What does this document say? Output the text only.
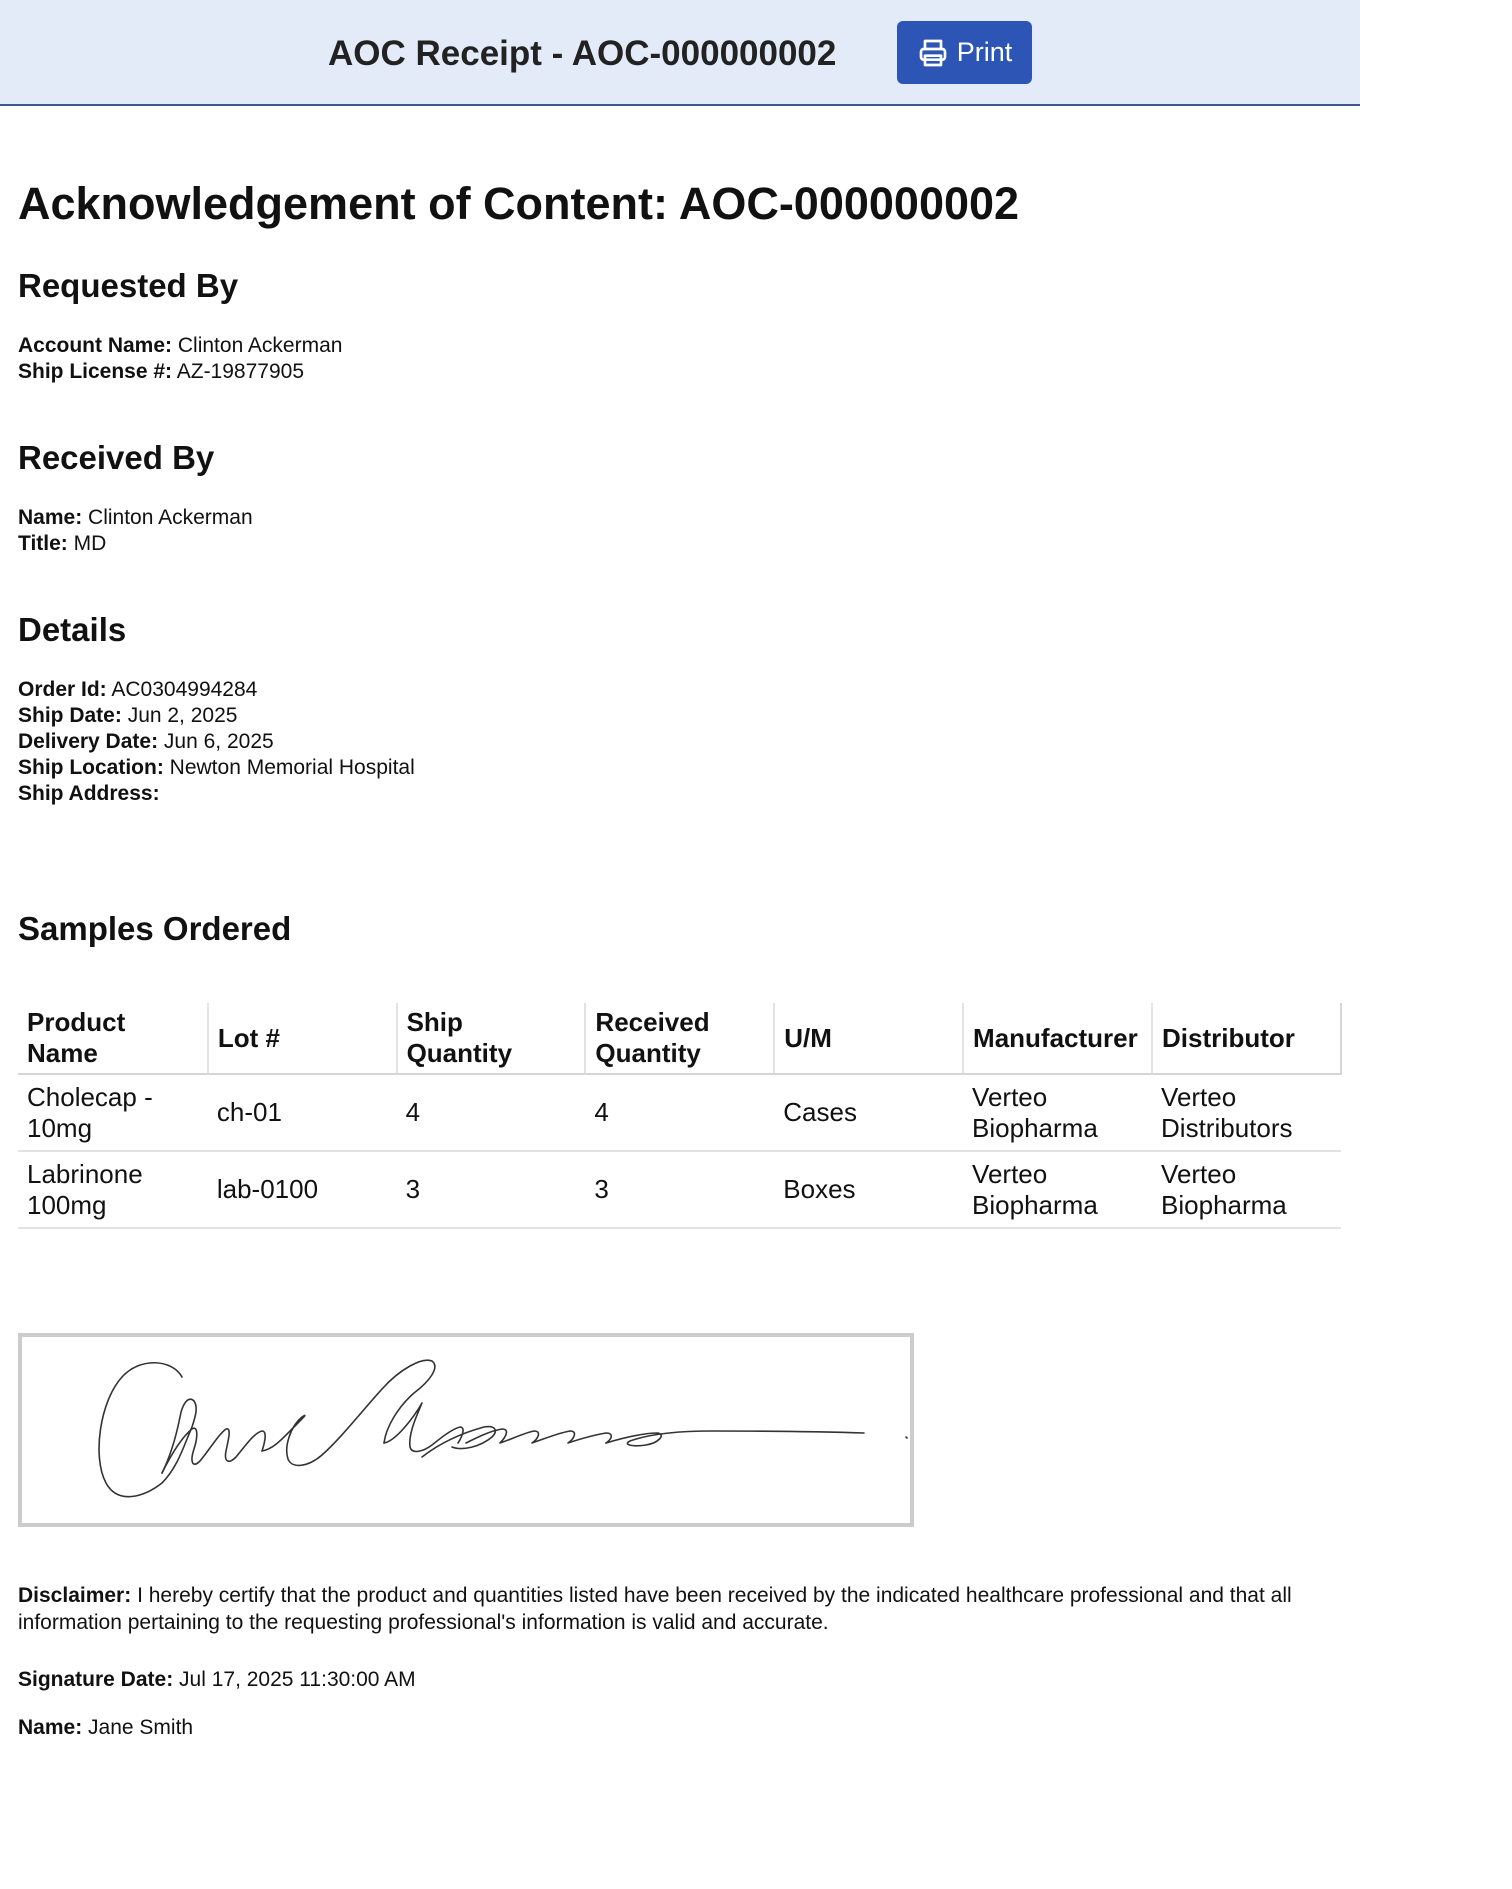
AOC Receipt - AOC-000000002	Print
Acknowledgement of Content: AOC-000000002
Requested By
Account Name: Clinton Ackerman
Ship License #: AZ-19877905
Received By
Name: Clinton Ackerman
Title: MD
Details
Order Id: AC0304994284
Ship Date: Jun 2, 2025
Delivery Date: Jun 6, 2025
Ship Location: Newton Memorial Hospital
Ship Address:
Samples Ordered
Product Name	Lot #	Ship Quantity	Received Quantity	U/M	Manufacturer	Distributor
Cholecap - 10mg	ch-01	4	4	Cases	Verteo Biopharma	Verteo Distributors
Labrinone 100mg	lab-0100	3	3	Boxes	Verteo Biopharma	Verteo Biopharma
Disclaimer: I hereby certify that the product and quantities listed have been received by the indicated healthcare professional and that all information pertaining to the requesting professional's information is valid and accurate.
Signature Date: Jul 17, 2025 11:30:00 AM
Name: Jane Smith
